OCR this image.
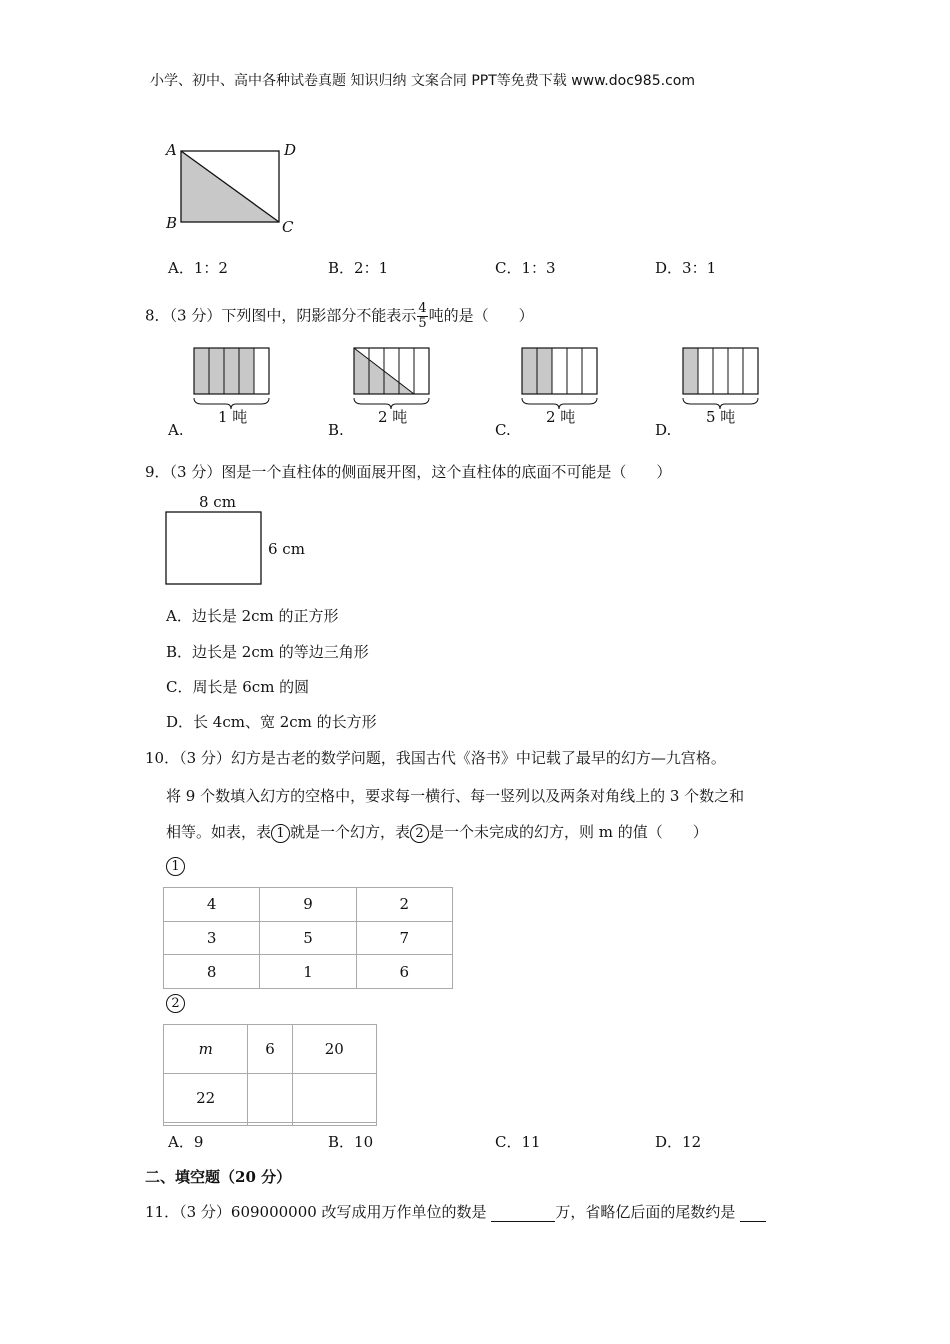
小学、初中、高中各种试卷真题 知识归纳 文案合同 PPT等免费下载 www.doc985.com
A
B	C
D
A．1：2	B．2：1	C．1：3	D．3：1
8．（3 分）下列图中，阴影部分不能表示 $\frac{4}{5}$ 吨的是（　　）
1 吨	2 吨	2 吨	5 吨
A.	B.	C.	D.
9．（3 分）图是一个直柱体的侧面展开图，这个直柱体的底面不可能是（　　）
8 cm
6 cm
A．边长是 2cm 的正方形
B．边长是 2cm 的等边三角形
C．周长是 6cm 的圆
D．长 4cm、宽 2cm 的长方形
10．（3 分）幻方是古老的数学问题，我国古代《洛书》中记载了最早的幻方—九宫格。
将 9 个数填入幻方的空格中，要求每一横行、每一竖列以及两条对角线上的 3 个数之和
相等。如表，表 1 就是一个幻方，表 2 是一个未完成的幻方，则 m 的值（　　）
1
4	9	2
3	5	7
8	1	6
2
m	6	20
22		

A．9	B．10	C．11	D．12
二、填空题（20 分）
11．（3 分）609000000 改写成用万作单位的数是	万，省略亿后面的尾数约是
